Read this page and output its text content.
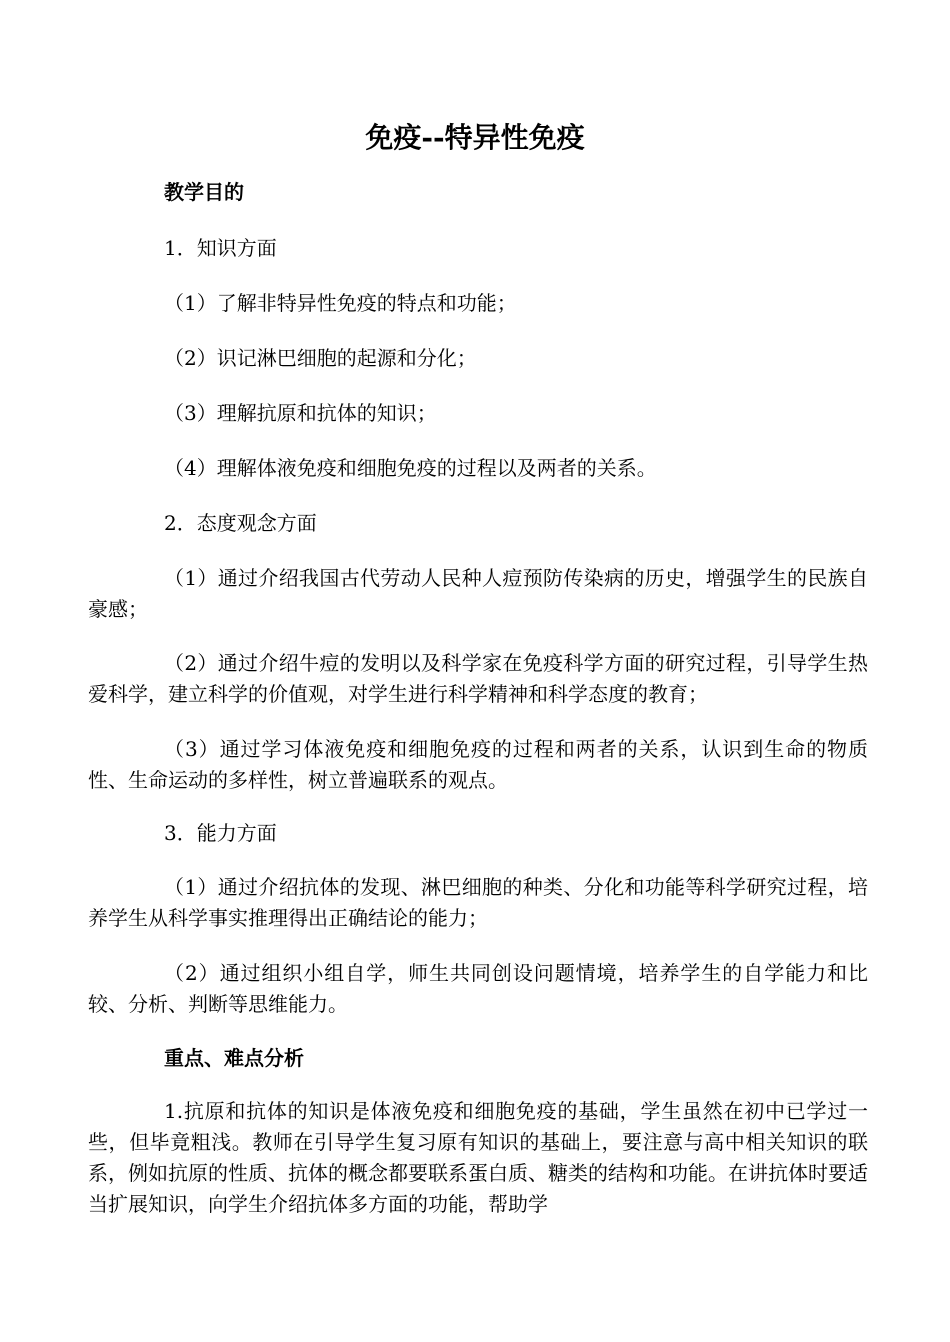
免疫--特异性免疫
教学目的
1．知识方面
（1）了解非特异性免疫的特点和功能；
（2）识记淋巴细胞的起源和分化；
（3）理解抗原和抗体的知识；
（4）理解体液免疫和细胞免疫的过程以及两者的关系。
2．态度观念方面
（1）通过介绍我国古代劳动人民种人痘预防传染病的历史，增强学生的民族自豪感；
（2）通过介绍牛痘的发明以及科学家在免疫科学方面的研究过程，引导学生热爱科学，建立科学的价值观，对学生进行科学精神和科学态度的教育；
（3）通过学习体液免疫和细胞免疫的过程和两者的关系，认识到生命的物质性、生命运动的多样性，树立普遍联系的观点。
3．能力方面
（1）通过介绍抗体的发现、淋巴细胞的种类、分化和功能等科学研究过程，培养学生从科学事实推理得出正确结论的能力；
（2）通过组织小组自学，师生共同创设问题情境，培养学生的自学能力和比较、分析、判断等思维能力。
重点、难点分析
1.抗原和抗体的知识是体液免疫和细胞免疫的基础，学生虽然在初中已学过一些，但毕竟粗浅。教师在引导学生复习原有知识的基础上，要注意与高中相关知识的联系，例如抗原的性质、抗体的概念都要联系蛋白质、糖类的结构和功能。在讲抗体时要适当扩展知识，向学生介绍抗体多方面的功能，帮助学
